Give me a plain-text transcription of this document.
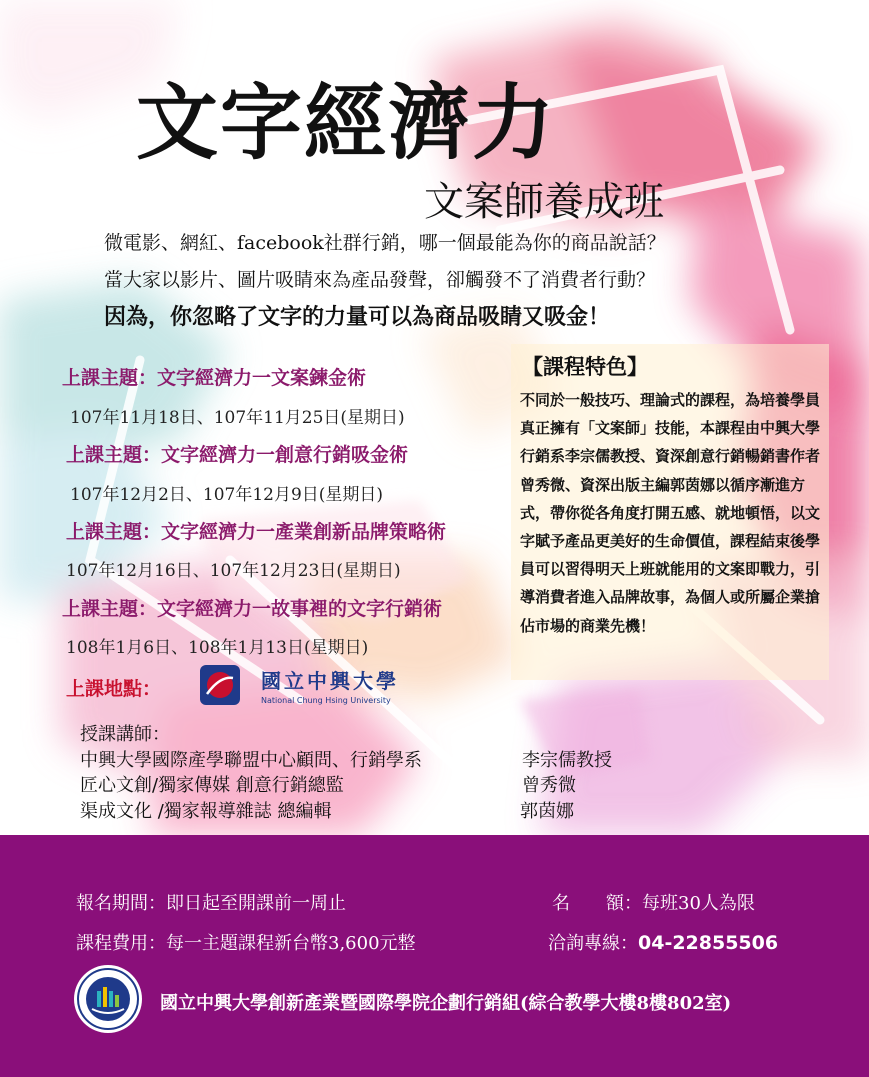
文字經濟力
文案師養成班
微電影、網紅、facebook社群行銷，哪一個最能為你的商品說話？
當大家以影片、圖片吸睛來為產品發聲，卻觸發不了消費者行動？
因為，你忽略了文字的力量可以為商品吸睛又吸金！
上課主題：文字經濟力一文案鍊金術
107年11月18日、107年11月25日(星期日)
上課主題：文字經濟力一創意行銷吸金術
107年12月2日、107年12月9日(星期日)
上課主題：文字經濟力一產業創新品牌策略術
107年12月16日、107年12月23日(星期日)
上課主題：文字經濟力一故事裡的文字行銷術
108年1月6日、108年1月13日(星期日)
【課程特色】
不同於一般技巧、理論式的課程，為培養學員真正擁有「文案師」技能，本課程由中興大學行銷系李宗儒教授、資深創意行銷暢銷書作者曾秀微、資深出版主編郭茵娜以循序漸進方式，帶你從各角度打開五感、就地頓悟，以文字賦予產品更美好的生命價值，課程結束後學員可以習得明天上班就能用的文案即戰力，引導消費者進入品牌故事，為個人或所屬企業搶佔市場的商業先機！
上課地點：	國立中興大學
National Chung Hsing University
授課講師：
中興大學國際產學聯盟中心顧問、行銷學系	李宗儒教授
匠心文創/獨家傳媒 創意行銷總監	曾秀微
渠成文化 /獨家報導雜誌 總編輯	郭茵娜
報名期間：即日起至開課前一周止	名　　額：每班30人為限
課程費用：每一主題課程新台幣3,600元整	洽詢專線：04-22855506
國立中興大學創新產業暨國際學院企劃行銷組(綜合教學大樓8樓802室)
